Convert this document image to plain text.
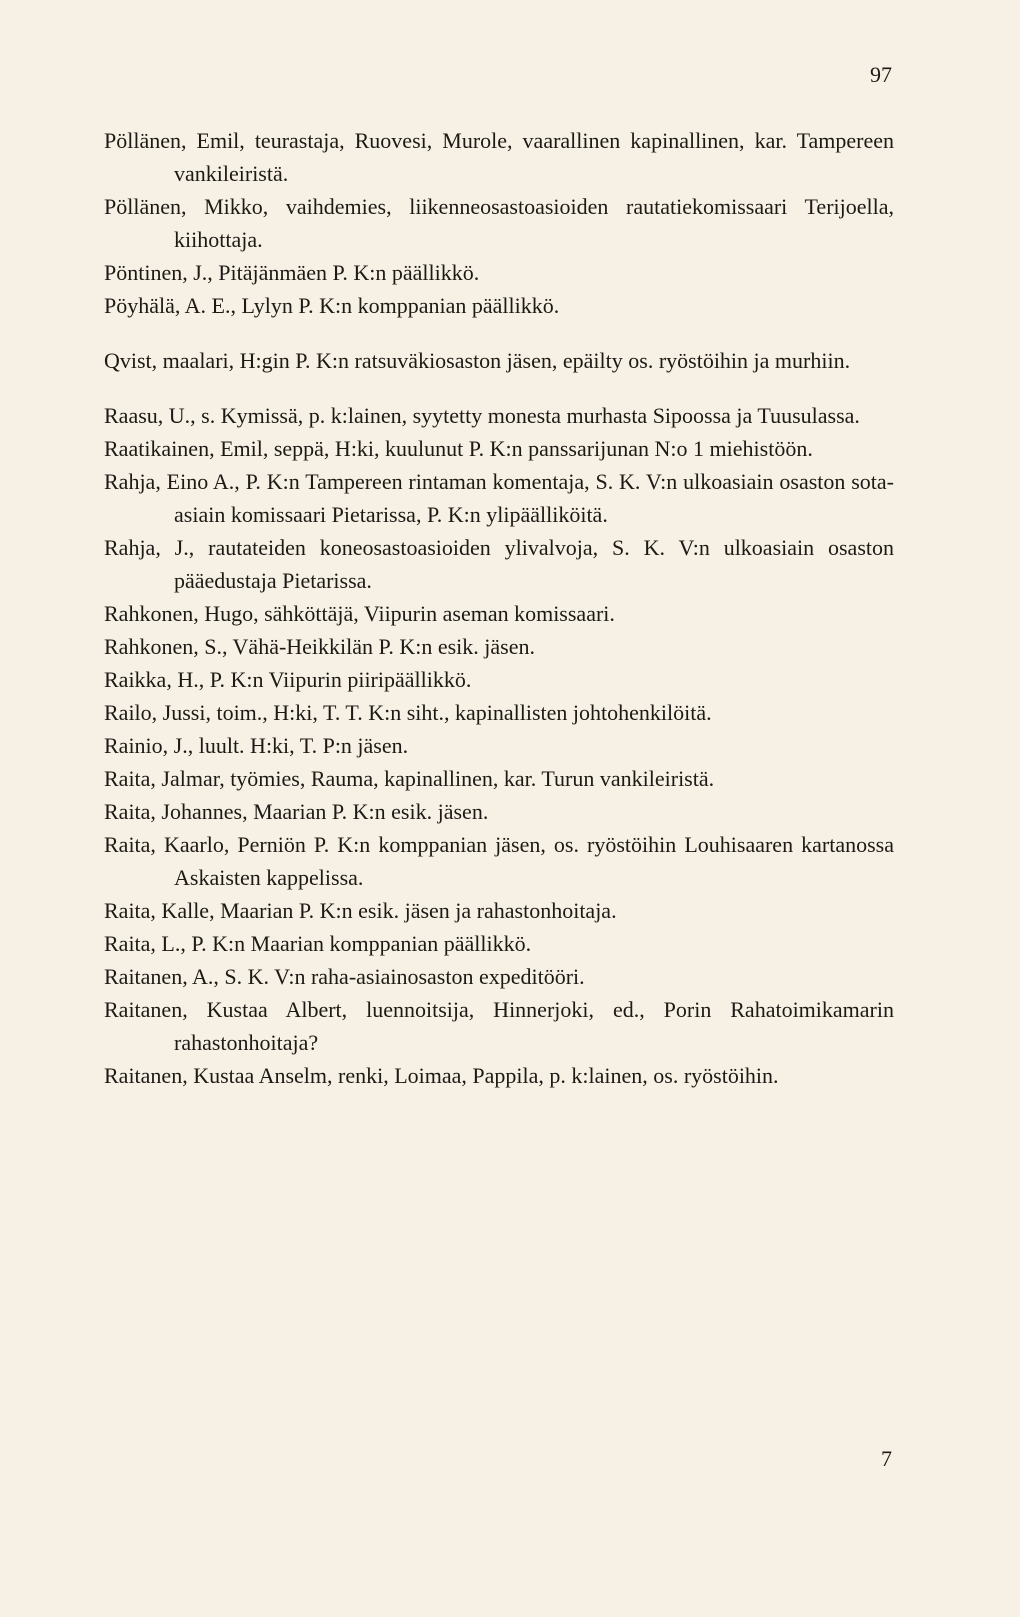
97

Pöllänen, Emil, teurastaja, Ruovesi, Murole, vaarallinen kapinallinen, kar. Tampereen vankileiristä.

Pöllänen, Mikko, vaihdemies, liikenneosastoasioiden rautatiekomissaari Terijoella, kiihottaja.

Pöntinen, J., Pitäjänmäen P. K:n päällikkö.

Pöyhälä, A. E., Lylyn P. K:n komppanian päällikkö.

Qvist, maalari, H:gin P. K:n ratsuväkiosaston jäsen, epäilty os. ryöstöihin ja murhiin.

Raasu, U., s. Kymissä, p. k:lainen, syytetty monesta murhasta Sipoossa ja Tuusulassa.

Raatikainen, Emil, seppä, H:ki, kuulunut P. K:n panssarijunan N:o 1 miehistöön.

Rahja, Eino A., P. K:n Tampereen rintaman komentaja, S. K. V:n ulkoasiain osaston sota-asiain komissaari Pietarissa, P. K:n ylipäälliköitä.

Rahja, J., rautateiden koneosastoasioiden ylivalvoja, S. K. V:n ulkoasiain osaston pääedustaja Pietarissa.

Rahkonen, Hugo, sähköttäjä, Viipurin aseman komissaari.

Rahkonen, S., Vähä-Heikkilän P. K:n esik. jäsen.

Raikka, H., P. K:n Viipurin piiripäällikkö.

Railo, Jussi, toim., H:ki, T. T. K:n siht., kapinallisten johtohenkilöitä.

Rainio, J., luult. H:ki, T. P:n jäsen.

Raita, Jalmar, työmies, Rauma, kapinallinen, kar. Turun vankileiristä.

Raita, Johannes, Maarian P. K:n esik. jäsen.

Raita, Kaarlo, Perniön P. K:n komppanian jäsen, os. ryöstöihin Louhisaaren kartanossa Askaisten kappelissa.

Raita, Kalle, Maarian P. K:n esik. jäsen ja rahastonhoitaja.

Raita, L., P. K:n Maarian komppanian päällikkö.

Raitanen, A., S. K. V:n raha-asiainosaston expeditööri.

Raitanen, Kustaa Albert, luennoitsija, Hinnerjoki, ed., Porin Rahatoimikamarin rahastonhoitaja?

Raitanen, Kustaa Anselm, renki, Loimaa, Pappila, p. k:lainen, os. ryöstöihin.

7
